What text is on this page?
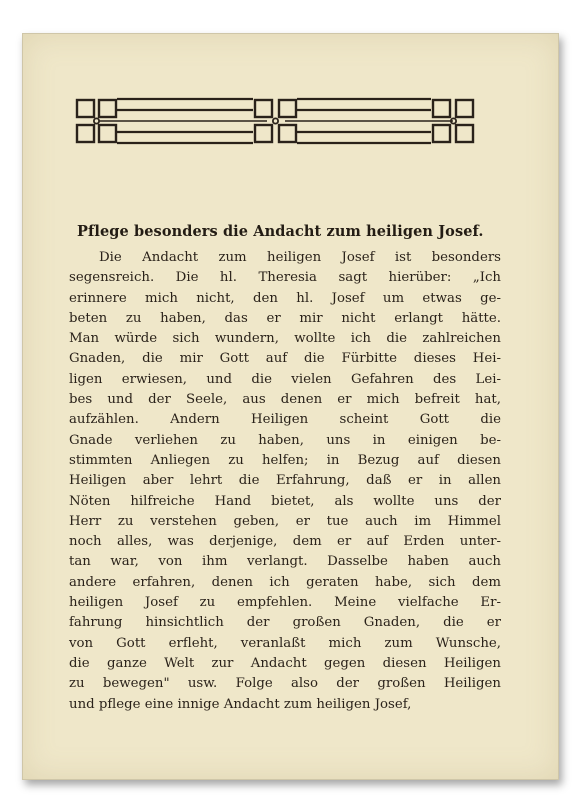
Pflege besonders die Andacht zum heiligen Josef.
Die Andacht zum heiligen Josef ist besonders
segensreich. Die hl. Theresia sagt hierüber: „Ich
erinnere mich nicht, den hl. Josef um etwas ge-
beten zu haben, das er mir nicht erlangt hätte.
Man würde sich wundern, wollte ich die zahlreichen
Gnaden, die mir Gott auf die Fürbitte dieses Hei-
ligen erwiesen, und die vielen Gefahren des Lei-
bes und der Seele, aus denen er mich befreit hat,
aufzählen. Andern Heiligen scheint Gott die
Gnade verliehen zu haben, uns in einigen be-
stimmten Anliegen zu helfen; in Bezug auf diesen
Heiligen aber lehrt die Erfahrung, daß er in allen
Nöten hilfreiche Hand bietet, als wollte uns der
Herr zu verstehen geben, er tue auch im Himmel
noch alles, was derjenige, dem er auf Erden unter-
tan war, von ihm verlangt. Dasselbe haben auch
andere erfahren, denen ich geraten habe, sich dem
heiligen Josef zu empfehlen. Meine vielfache Er-
fahrung hinsichtlich der großen Gnaden, die er
von Gott erfleht, veranlaßt mich zum Wunsche,
die ganze Welt zur Andacht gegen diesen Heiligen
zu bewegen" usw. Folge also der großen Heiligen
und pflege eine innige Andacht zum heiligen Josef,
